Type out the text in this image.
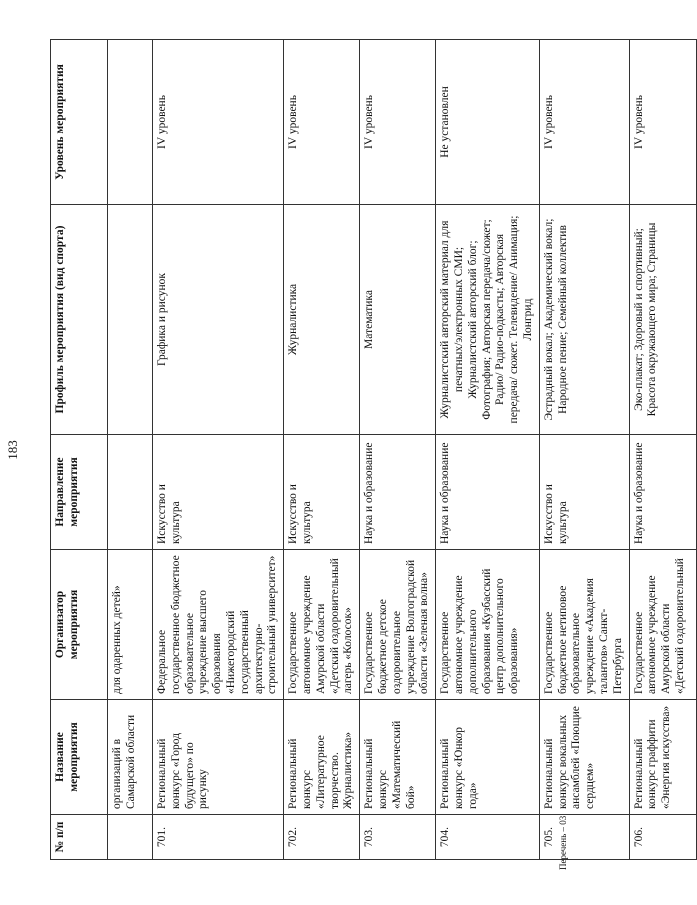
183
№ п/п	Название мероприятия	Организатор мероприятия	Направление мероприятия	Профиль мероприятия (вид спорта)	Уровень мероприятия
	организаций в Самарской области	для одаренных детей»			
701.	Региональный конкурс «Город будущего» по рисунку	Федеральное государственное бюджетное образовательное учреждение высшего образования «Нижегородский государственный архитектурно-строительный университет»	Искусство и культура	Графика и рисунок	IV уровень
702.	Региональный конкурс «Литературное творчество. Журналистика»	Государственное автономное учреждение Амурской области «Детский оздоровительный лагерь «Колосок»	Искусство и культура	Журналистика	IV уровень
703.	Региональный конкурс «Математический бой»	Государственное бюджетное детское оздоровительное учреждение Волгоградской области «Зеленая волна»	Наука и образование	Математика	IV уровень
704.	Региональный конкурс «Юнкор года»	Государственное автономное учреждение дополнительного образования «Кузбасский центр дополнительного образования»	Наука и образование	Журналистский авторский материал для печатных/электронных СМИ; Журналистский авторский блог; Фотография; Авторская передача/сюжет; Радио/ Радио-подкасты; Авторская передача/ сюжет. Телевидение/ Анимация; Лонгрид	Не установлен
705.	Региональный конкурс вокальных ансамблей «Поющие сердцем»	Государственное бюджетное нетиповое образовательное учреждение «Академия талантов» Санкт-Петербурга	Искусство и культура	Эстрадный вокал; Академический вокал; Народное пение; Семейный коллектив	IV уровень
706.	Региональный конкурс граффити «Энергия искусства»	Государственное автономное учреждение Амурской области «Детский оздоровительный	Наука и образование	Эко-плакат; Здоровый и спортивный; Красота окружающего мира; Страницы	IV уровень
Перечень – 03
